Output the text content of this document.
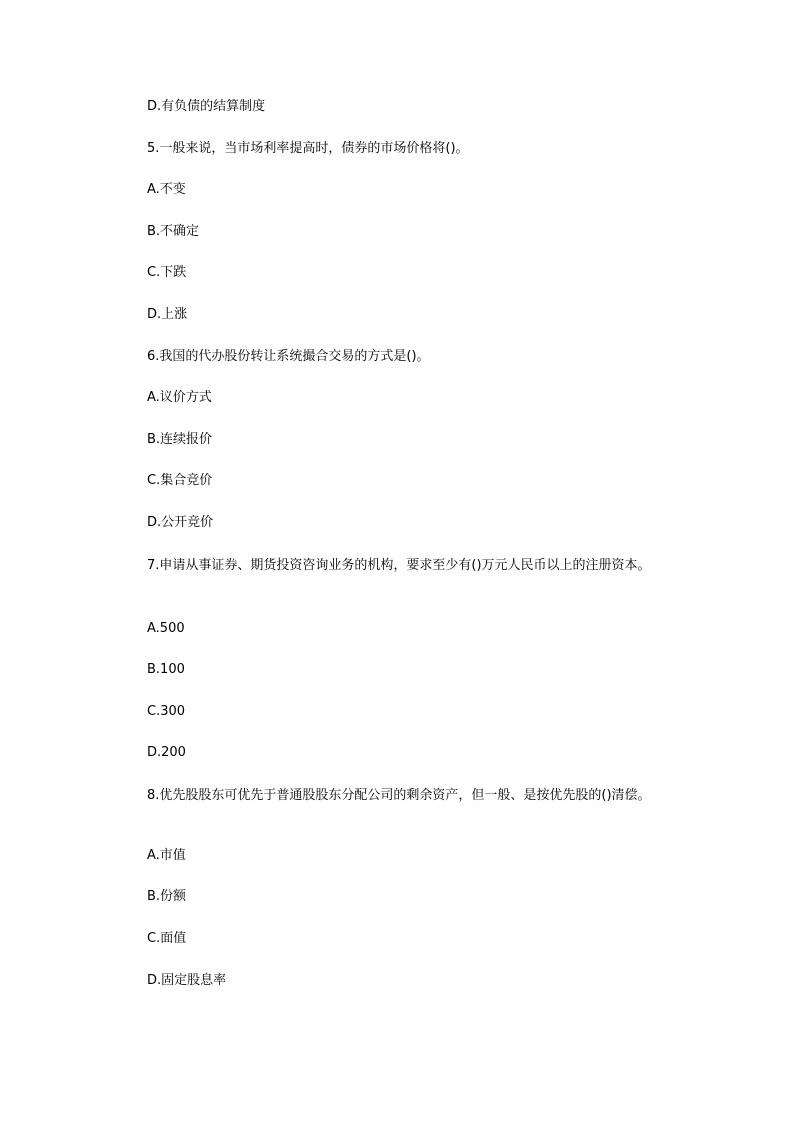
D.有负债的结算制度
5.一般来说，当市场利率提高时，债券的市场价格将()。
A.不变
B.不确定
C.下跌
D.上涨
6.我国的代办股份转让系统撮合交易的方式是()。
A.议价方式
B.连续报价
C.集合竞价
D.公开竞价
7.申请从事证券、期货投资咨询业务的机构，要求至少有()万元人民币以上的注册资本。
A.500
B.100
C.300
D.200
8.优先股股东可优先于普通股股东分配公司的剩余资产，但一般、是按优先股的()清偿。
A.市值
B.份额
C.面值
D.固定股息率
